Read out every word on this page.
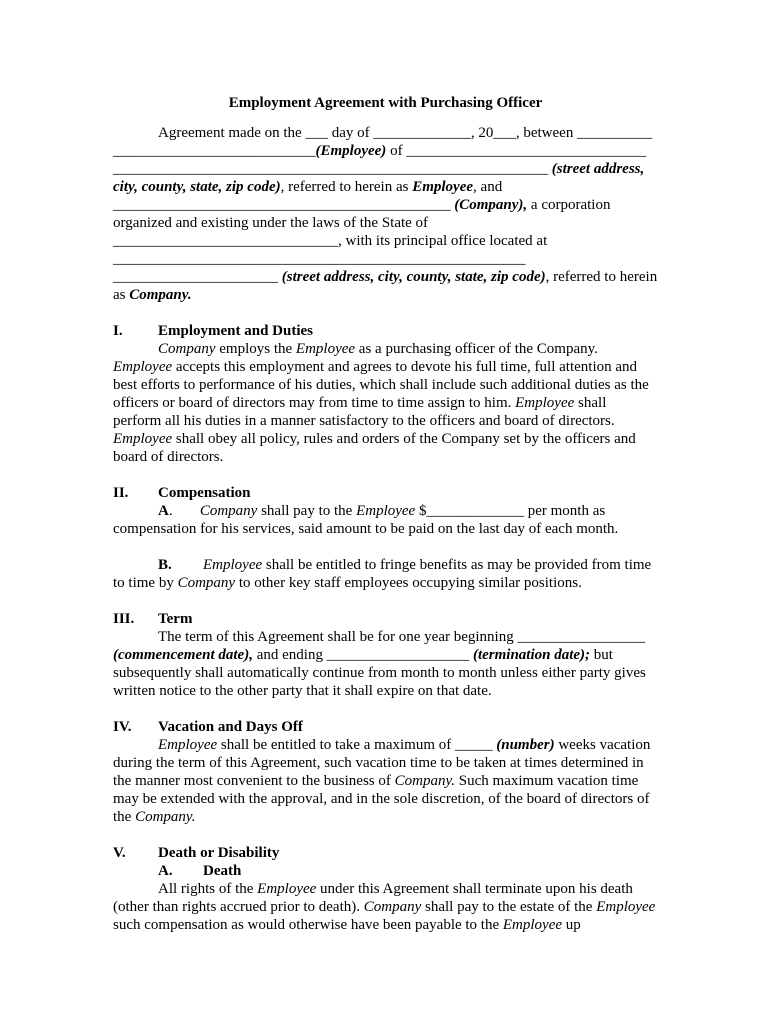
Employment Agreement with Purchasing Officer

Agreement made on the ___ day of _____________, 20___, between __________ ___________________________(Employee) of ________________________________ __________________________________________________________ (street address, city, county, state, zip code), referred to herein as Employee, and _____________________________________________ (Company), a corporation organized and existing under the laws of the State of ______________________________, with its principal office located at _______________________________________________________ ______________________ (street address, city, county, state, zip code), referred to herein as Company.

I. Employment and Duties

Company employs the Employee as a purchasing officer of the Company. Employee accepts this employment and agrees to devote his full time, full attention and best efforts to performance of his duties, which shall include such additional duties as the officers or board of directors may from time to time assign to him. Employee shall perform all his duties in a manner satisfactory to the officers and board of directors. Employee shall obey all policy, rules and orders of the Company set by the officers and board of directors.

II. Compensation

A. Company shall pay to the Employee $_____________ per month as compensation for his services, said amount to be paid on the last day of each month.

B. Employee shall be entitled to fringe benefits as may be provided from time to time by Company to other key staff employees occupying similar positions.

III. Term

The term of this Agreement shall be for one year beginning _________________ (commencement date), and ending ___________________ (termination date); but subsequently shall automatically continue from month to month unless either party gives written notice to the other party that it shall expire on that date.

IV. Vacation and Days Off

Employee shall be entitled to take a maximum of _____ (number) weeks vacation during the term of this Agreement, such vacation time to be taken at times determined in the manner most convenient to the business of Company. Such maximum vacation time may be extended with the approval, and in the sole discretion, of the board of directors of the Company.

V. Death or Disability

A. Death

All rights of the Employee under this Agreement shall terminate upon his death (other than rights accrued prior to death). Company shall pay to the estate of the Employee such compensation as would otherwise have been payable to the Employee up
